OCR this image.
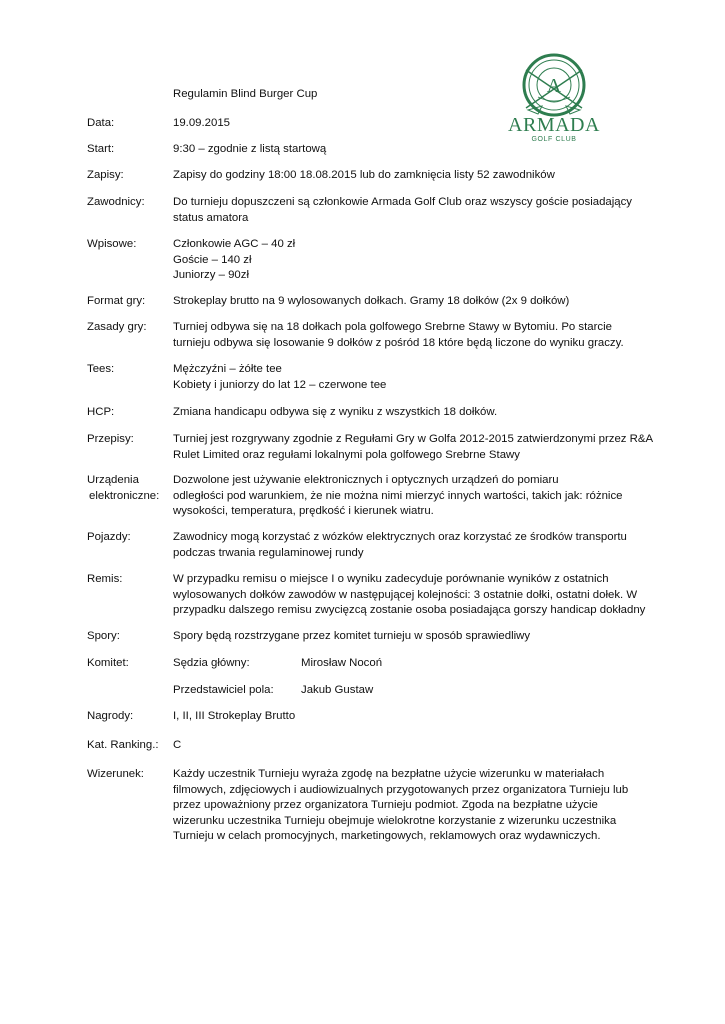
A
ARMADA
GOLF CLUB
Regulamin Blind Burger Cup
Data:	19.09.2015
Start:	9:30 – zgodnie z listą startową
Zapisy:	Zapisy do godziny 18:00 18.08.2015 lub do zamknięcia listy 52 zawodników
Zawodnicy:	Do turnieju dopuszczeni są członkowie Armada Golf Club oraz wszyscy goście posiadający
status amatora
Wpisowe:	Członkowie AGC – 40 zł
Goście – 140 zł
Juniorzy – 90zł
Format gry:	Strokeplay brutto na 9 wylosowanych dołkach. Gramy 18 dołków (2x 9 dołków)
Zasady gry:	Turniej odbywa się na 18 dołkach pola golfowego Srebrne Stawy w Bytomiu. Po starcie
turnieju odbywa się losowanie 9 dołków z pośród 18 które będą liczone do wyniku graczy.
Tees:	Mężczyźni – żółte tee
Kobiety i juniorzy do lat 12 – czerwone tee
HCP:	Zmiana handicapu odbywa się z wyniku z wszystkich 18 dołków.
Przepisy:	Turniej jest rozgrywany zgodnie z Regułami Gry w Golfa 2012-2015 zatwierdzonymi przez R&A
Rulet Limited oraz regułami lokalnymi pola golfowego Srebrne Stawy
Urządenia
elektroniczne:
Dozwolone jest używanie elektronicznych i optycznych urządzeń do pomiaru
odległości pod warunkiem, że nie można nimi mierzyć innych wartości, takich jak: różnice
wysokości, temperatura, prędkość i kierunek wiatru.
Pojazdy:	Zawodnicy mogą korzystać z wózków elektrycznych oraz korzystać ze środków transportu
podczas trwania regulaminowej rundy
Remis:	W przypadku remisu o miejsce I o wyniku zadecyduje porównanie wyników z ostatnich
wylosowanych dołków zawodów w następującej kolejności: 3 ostatnie dołki, ostatni dołek. W
przypadku dalszego remisu zwycięzcą zostanie osoba posiadająca gorszy handicap dokładny
Spory:	Spory będą rozstrzygane przez komitet turnieju w sposób sprawiedliwy
Komitet:	Sędzia główny:	Mirosław Nocoń
Przedstawiciel pola:	Jakub Gustaw
Nagrody:	I, II, III Strokeplay Brutto
Kat. Ranking.:	C
Wizerunek:	Każdy uczestnik Turnieju wyraża zgodę na bezpłatne użycie wizerunku w materiałach
filmowych, zdjęciowych i audiowizualnych przygotowanych przez organizatora Turnieju lub
przez upoważniony przez organizatora Turnieju podmiot. Zgoda na bezpłatne użycie
wizerunku uczestnika Turnieju obejmuje wielokrotne korzystanie z wizerunku uczestnika
Turnieju w celach promocyjnych, marketingowych, reklamowych oraz wydawniczych.
